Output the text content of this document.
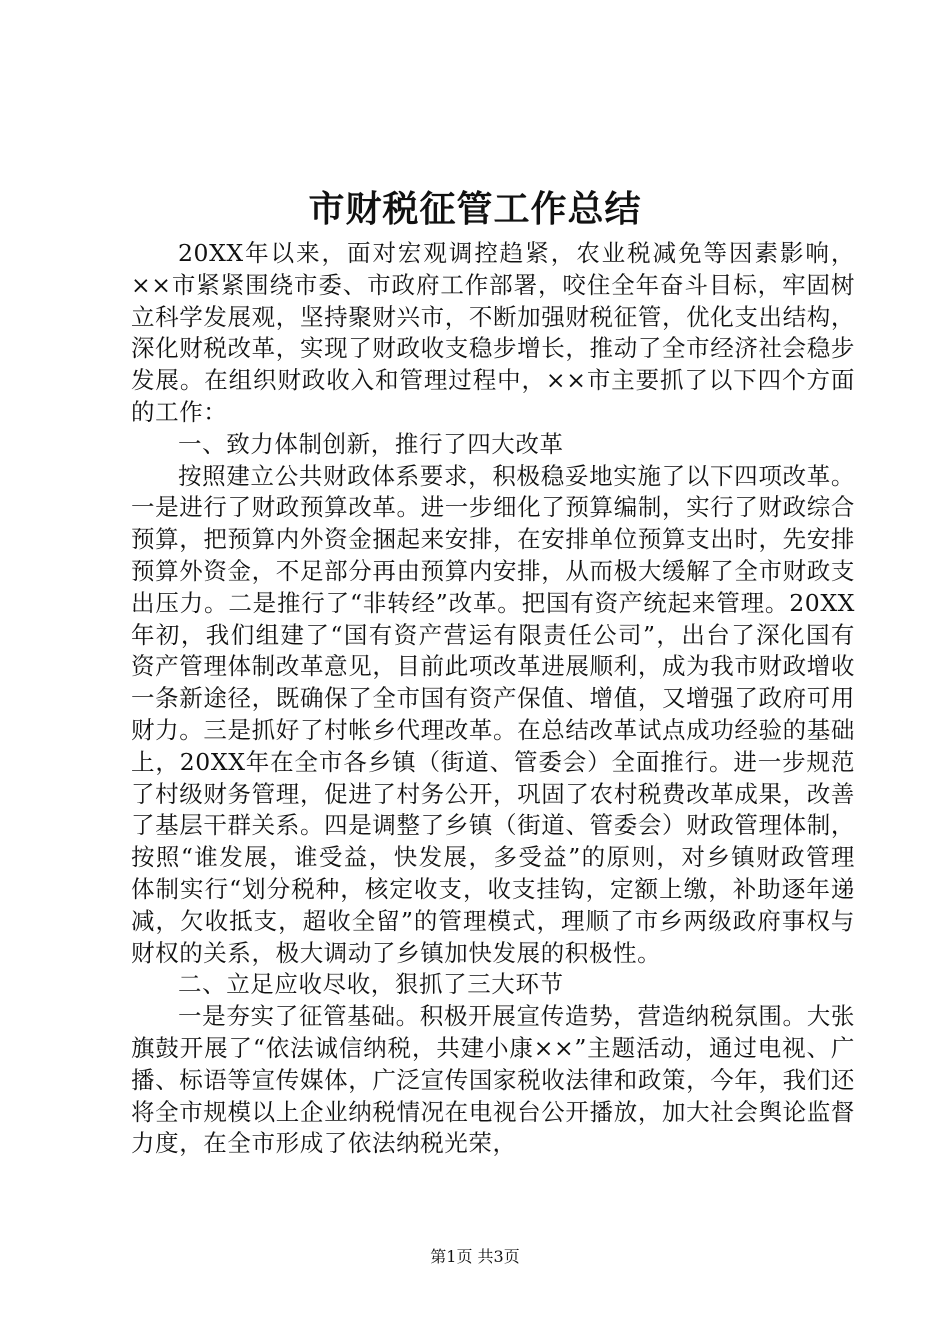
市财税征管工作总结

20XX年以来，面对宏观调控趋紧，农业税减免等因素影响，××市紧紧围绕市委、市政府工作部署，咬住全年奋斗目标，牢固树立科学发展观，坚持聚财兴市，不断加强财税征管，优化支出结构，深化财税改革，实现了财政收支稳步增长，推动了全市经济社会稳步发展。在组织财政收入和管理过程中，××市主要抓了以下四个方面的工作：

一、致力体制创新，推行了四大改革

按照建立公共财政体系要求，积极稳妥地实施了以下四项改革。一是进行了财政预算改革。进一步细化了预算编制，实行了财政综合预算，把预算内外资金捆起来安排，在安排单位预算支出时，先安排预算外资金，不足部分再由预算内安排，从而极大缓解了全市财政支出压力。二是推行了“非转经”改革。把国有资产统起来管理。20XX年初，我们组建了“国有资产营运有限责任公司”，出台了深化国有资产管理体制改革意见，目前此项改革进展顺利，成为我市财政增收一条新途径，既确保了全市国有资产保值、增值，又增强了政府可用财力。三是抓好了村帐乡代理改革。在总结改革试点成功经验的基础上，20XX年在全市各乡镇（街道、管委会）全面推行。进一步规范了村级财务管理，促进了村务公开，巩固了农村税费改革成果，改善了基层干群关系。四是调整了乡镇（街道、管委会）财政管理体制，按照“谁发展，谁受益，快发展，多受益”的原则，对乡镇财政管理体制实行“划分税种，核定收支，收支挂钩，定额上缴，补助逐年递减，欠收抵支，超收全留”的管理模式，理顺了市乡两级政府事权与财权的关系，极大调动了乡镇加快发展的积极性。

二、立足应收尽收，狠抓了三大环节

一是夯实了征管基础。积极开展宣传造势，营造纳税氛围。大张旗鼓开展了“依法诚信纳税，共建小康××”主题活动，通过电视、广播、标语等宣传媒体，广泛宣传国家税收法律和政策，今年，我们还将全市规模以上企业纳税情况在电视台公开播放，加大社会舆论监督力度，在全市形成了依法纳税光荣，

第1页 共3页
